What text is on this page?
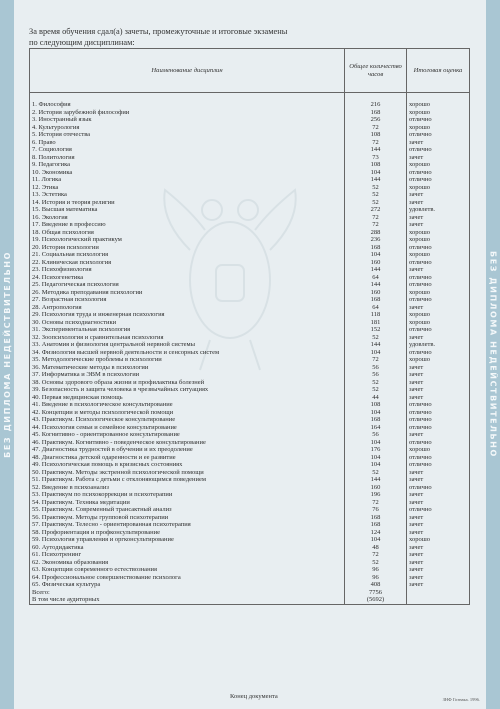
БЕЗ ДИПЛОМА НЕДЕЙСТВИТЕЛЬНО	БЕЗ ДИПЛОМА НЕДЕЙСТВИТЕЛЬНО
За время обучения сдал(а) зачеты, промежуточные и итоговые экзамены
по следующим дисциплинам:
Наименование дисциплин	Общее количество часов	Итоговая оценка
1. Философия	216	хорошо
2. История зарубежной философии	168	хорошо
3. Иностранный язык	256	отлично
4. Культурология	72	хорошо
5. История отечества	108	отлично
6. Право	72	зачет
7. Социология	144	отлично
8. Политология	73	зачет
9. Педагогика	108	хорошо
10. Экономика	104	отлично
11. Логика	144	отлично
12. Этика	52	хорошо
13. Эстетика	52	зачет
14. История и теория религии	52	зачет
15. Высшая математика	272	удовлетв.
16. Экология	72	зачет
17. Введение в профессию	72	зачет
18. Общая психология	288	хорошо
19. Психологический практикум	236	хорошо
20. История психологии	168	отлично
21. Социальная психология	104	хорошо
22. Клиническая психология	160	отлично
23. Психофизиология	144	зачет
24. Психогенетика	64	отлично
25. Педагогическая психология	144	отлично
26. Методика преподавания психологии	160	хорошо
27. Возрастная психология	168	отлично
28. Антропология	64	зачет
29. Психология труда и инженерная психология	118	хорошо
30. Основы психодиагностики	181	хорошо
31. Экспериментальная психология	152	отлично
32. Зоопсихология и сравнительная психология	52	зачет
33. Анатомия и физиология центральной нервной системы	144	удовлетв.
34. Физиология высшей нервной деятельности и сенсорных систем	104	отлично
35. Методологические проблемы в психологии	72	хорошо
36. Математические методы в психологии	56	зачет
37. Информатика и ЭВМ в психологии	56	зачет
38. Основы здорового образа жизни и профилактика болезней	52	зачет
39. Безопасность и защита человека в чрезвычайных ситуациях	52	зачет
40. Первая медицинская помощь	44	зачет
41. Введение в психологическое консультирование	108	отлично
42. Концепции и методы психологической помощи	104	отлично
43. Практикум. Психологическое консультирование	168	отлично
44. Психология семьи и семейное консультирование	164	отлично
45. Когнитивно - ориентированное консультирование	56	зачет
46. Практикум. Когнитивно - поведенческое консультирование	104	отлично
47. Диагностика трудностей в обучении и их преодоление	176	хорошо
48. Диагностика детской одаренности и ее развитие	104	отлично
49. Психологическая помощь в кризисных состояниях	104	отлично
50. Практикум. Методы экстренной психологической помощи	52	зачет
51. Практикум. Работа с детьми с отклоняющимся поведением	144	зачет
52. Введение в психоанализ	160	отлично
53. Практикум по психокоррекции и психотерапии	196	зачет
54. Практикум. Техника медитации	72	зачет
55. Практикум. Современный трансактный анализ	76	отлично
56. Практикум. Методы групповой психотерапии	168	зачет
57. Практикум. Телесно - ориентированная психотерапия	168	зачет
58. Профориентация и профконсультирование	124	зачет
59. Психология управления и оргконсультирование	104	хорошо
60. Аутодидактика	48	зачет
61. Психотренинг	72	зачет
62. Экономика образования	52	зачет
63. Концепции современного естествознания	96	зачет
64. Профессиональное совершенствование психолога	96	зачет
65. Физическая культура	408	зачет
Всего:	7756	
В том числе аудиторных	(5692)	
Конец документа	ЗНФ Гознака. 1996.
